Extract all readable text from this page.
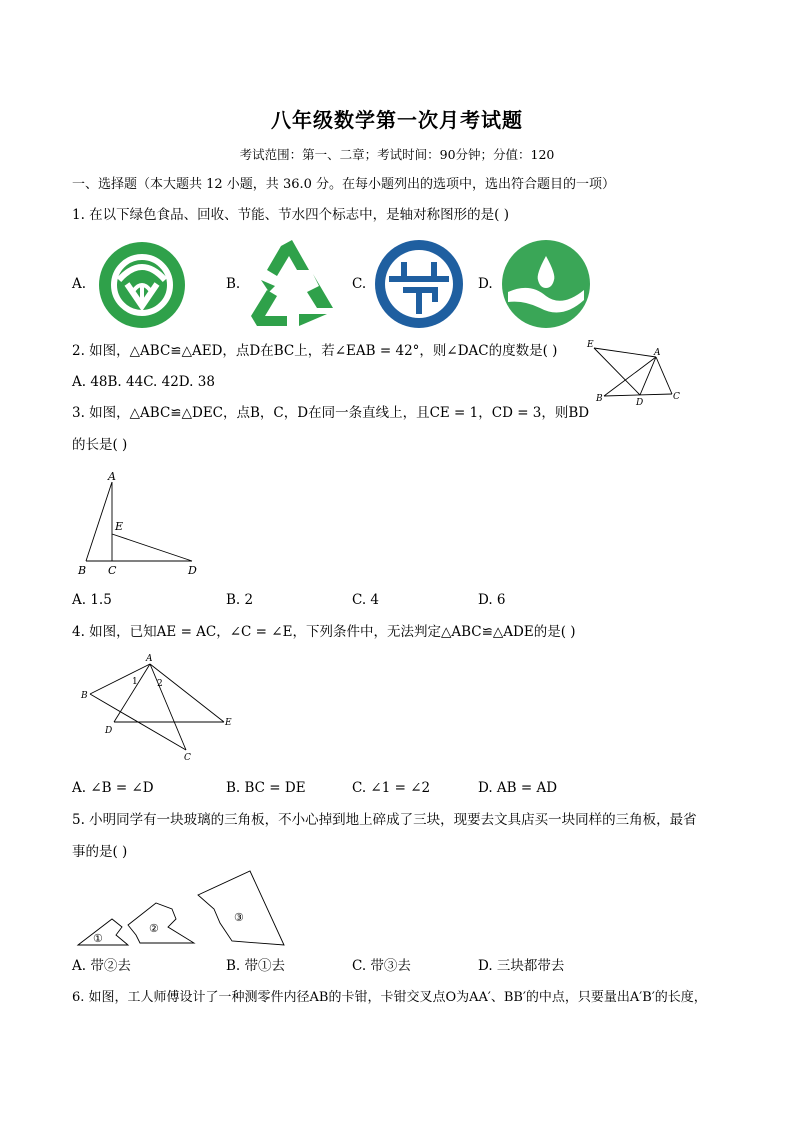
八年级数学第一次月考试题
考试范围：第一、二章；考试时间：90分钟；分值：120
一、选择题（本大题共 12 小题，共 36.0 分。在每小题列出的选项中，选出符合题目的一项）
1. 在以下绿色食品、回收、节能、节水四个标志中，是轴对称图形的是( )
A.	B.	C.	D.
2. 如图，△ABC≌△AED，点D在BC上，若∠EAB = 42°，则∠DAC的度数是( )
A. 48B. 44C. 42D. 38
E
A
B	D
C
3. 如图，△ABC≌△DEC，点B，C，D在同一条直线上，且CE = 1，CD = 3，则BD
的长是( )
A
E
B C	D
A. 1.5	B. 2	C. 4	D. 6
4. 如图，已知AE = AC，∠C = ∠E，下列条件中，无法判定△ABC≌△ADE的是( )
A
1 2
B
D
E
C
A. ∠B = ∠D	B. BC = DE	C. ∠1 = ∠2	D. AB = AD
5. 小明同学有一块玻璃的三角板，不小心掉到地上碎成了三块，现要去文具店买一块同样的三角板，最省
事的是( )
①
②
③
A. 带②去	B. 带①去	C. 带③去	D. 三块都带去
6. 如图，工人师傅设计了一种测零件内径AB的卡钳，卡钳交叉点O为AA′、BB′的中点，只要量出A′B′的长度，
